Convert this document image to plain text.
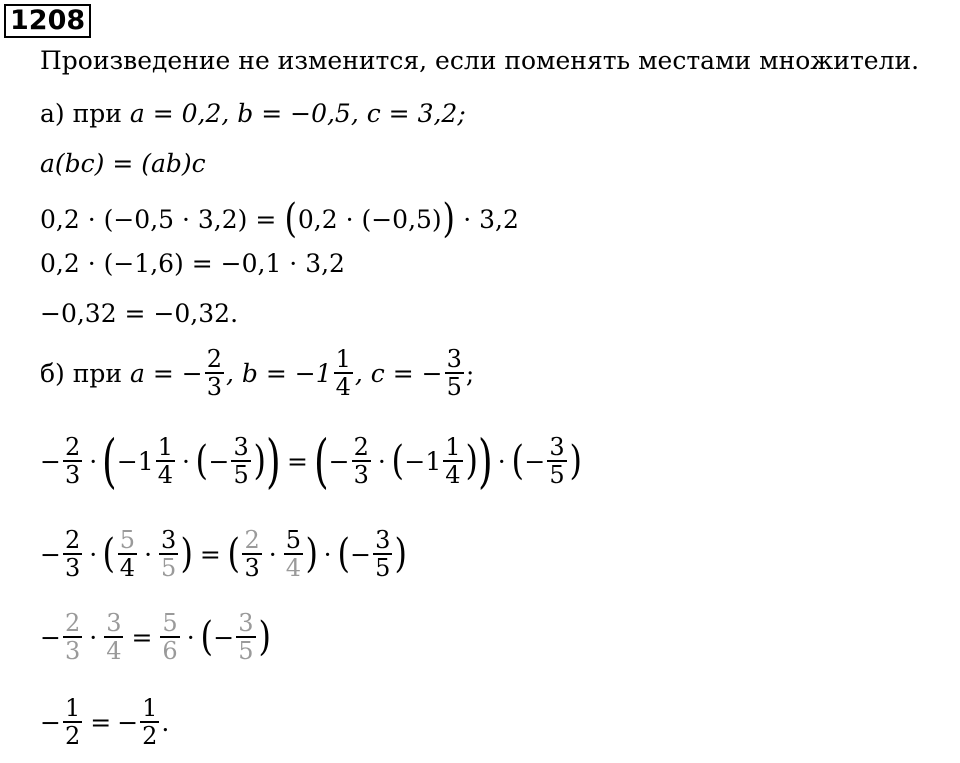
1208
Произведение не изменится, если поменять местами множители.
а) при
a = 0,2, b = −0,5, c = 3,2;
a(bc) = (ab)c
0,2 · (−0,5 · 3,2) =
( 0,2 · (−0,5) )
· 3,2
0,2 · (−1,6) = −0,1 · 3,2
−0,32 = −0,32.
б) при
a = − $\frac{2}{3}$ , $b = -1 \frac{1}{4}$ , c = − $\frac{3}{5}$ ;
− $\frac{2}{3}$ · ( $-1 \frac{1}{4}$ · ( − $\frac{3}{5}$ ) ) = ( − $\frac{2}{3}$ · ( $-1 \frac{1}{4}$ ) ) · ( − $\frac{3}{5}$ )
− $\frac{2}{3}$ · ( $\frac{5}{4} \cdot \frac{3}{5}$ ) = ( $\frac{2}{3} \cdot \frac{5}{4}$ ) · ( − $\frac{3}{5}$ )
− $\frac{2}{3} \cdot \frac{3}{4} = \frac{5}{6}$ · ( − $\frac{3}{5}$ )
− $\frac{1}{2}$ = − $\frac{1}{2}$ .
